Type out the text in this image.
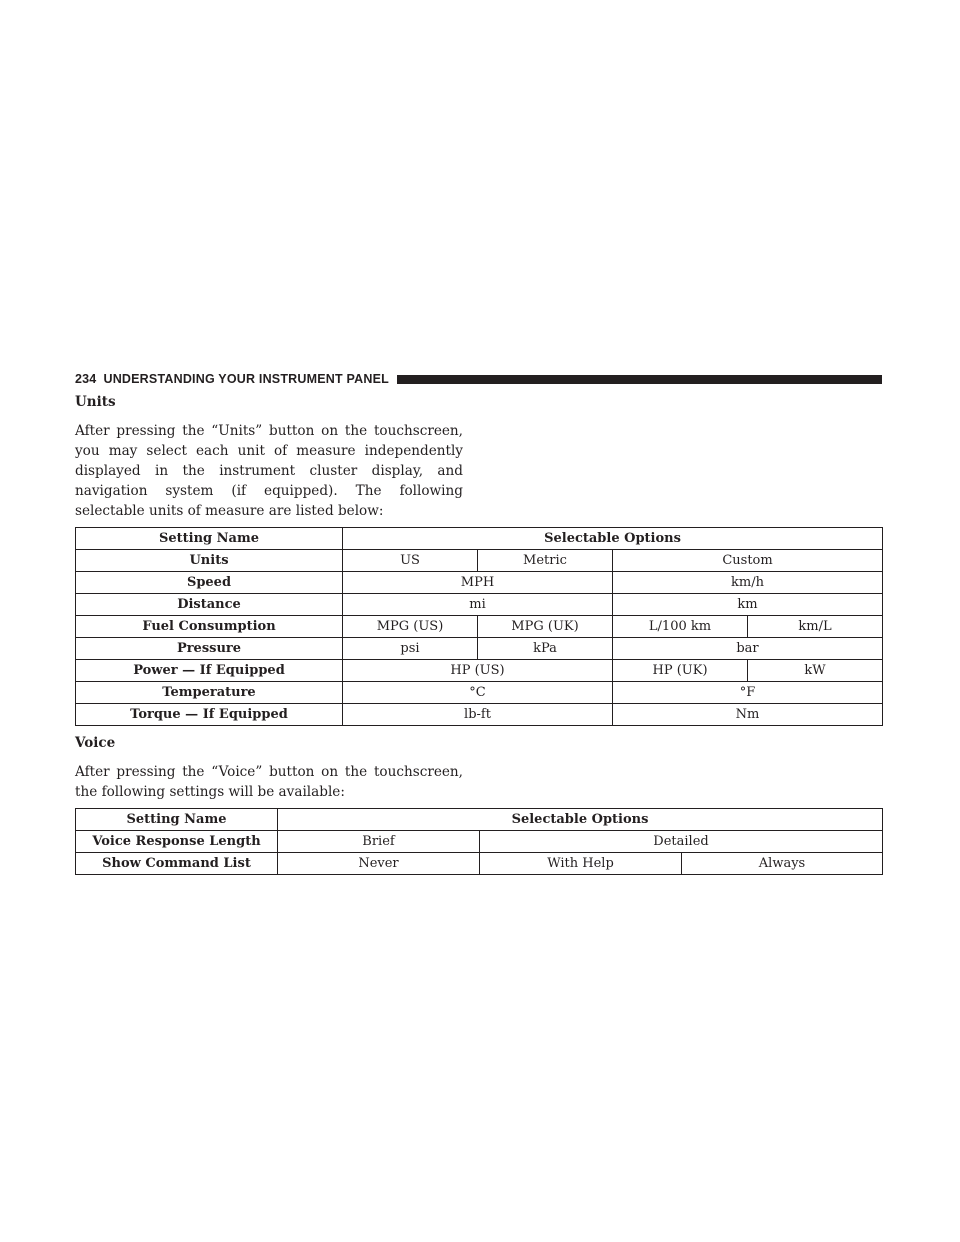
234 UNDERSTANDING YOUR INSTRUMENT PANEL
Units

After pressing the “Units” button on the touchscreen, you may select each unit of measure independently displayed in the instrument cluster display, and navigation system (if equipped). The following selectable units of measure are listed below:

Setting Name	Selectable Options			
Units	US	Metric	Custom	
Speed	MPH		km/h	
Distance	mi		km	
Fuel Consumption	MPG (US)	MPG (UK)	L/100 km	km/L
Pressure	psi	kPa	bar	
Power — If Equipped	HP (US)		HP (UK)	kW
Temperature	°C		°F	
Torque — If Equipped	lb-ft		Nm	
Voice

After pressing the “Voice” button on the touchscreen, the following settings will be available:

Setting Name	Selectable Options		
Voice Response Length	Brief	Detailed	
Show Command List	Never	With Help	Always
